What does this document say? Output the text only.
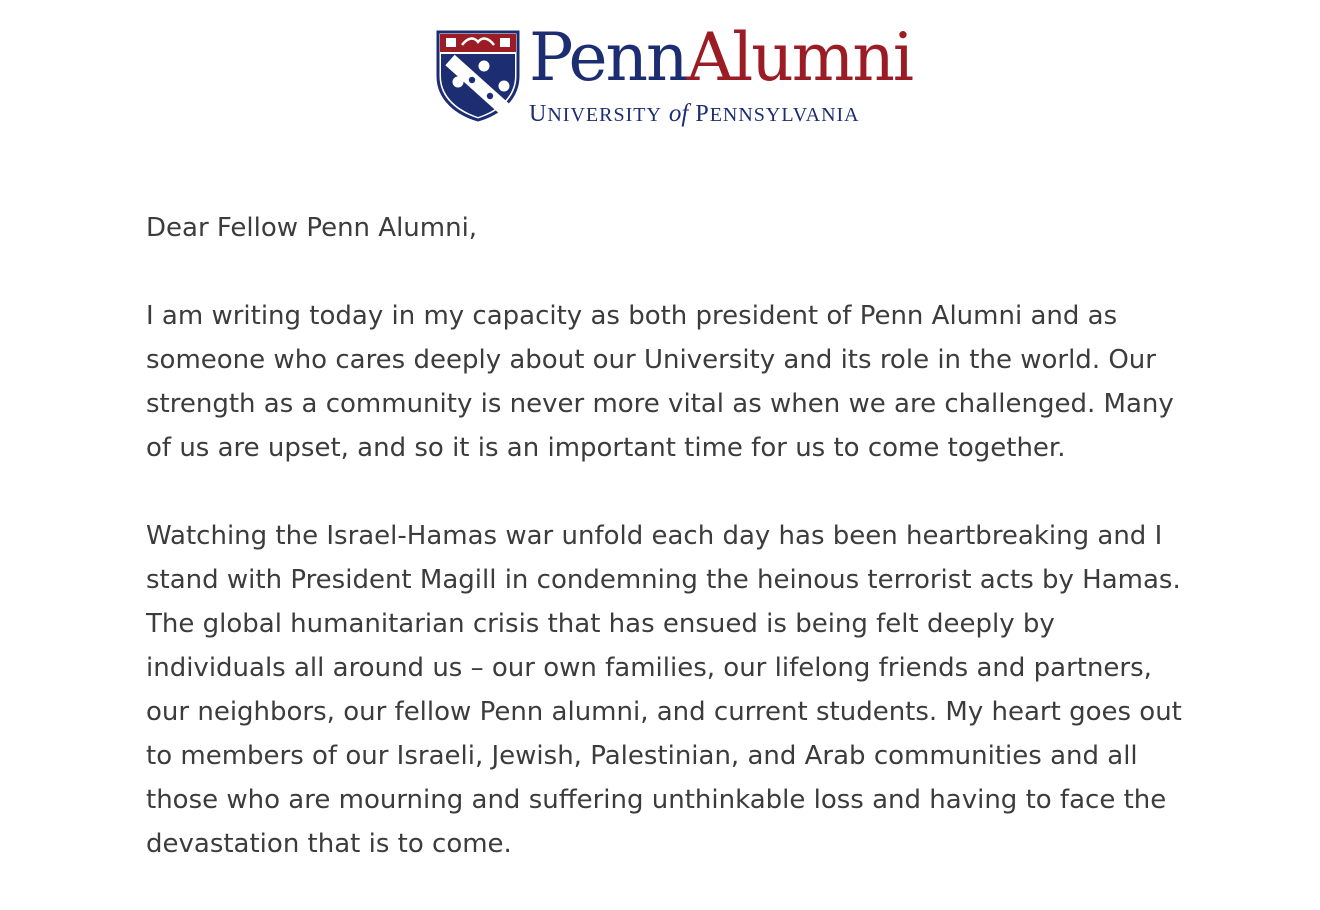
PennAlumni
UNIVERSITY of PENNSYLVANIA

Dear Fellow Penn Alumni,

I am writing today in my capacity as both president of Penn Alumni and as
someone who cares deeply about our University and its role in the world. Our
strength as a community is never more vital as when we are challenged. Many
of us are upset, and so it is an important time for us to come together.

Watching the Israel-Hamas war unfold each day has been heartbreaking and I
stand with President Magill in condemning the heinous terrorist acts by Hamas.
The global humanitarian crisis that has ensued is being felt deeply by
individuals all around us – our own families, our lifelong friends and partners,
our neighbors, our fellow Penn alumni, and current students. My heart goes out
to members of our Israeli, Jewish, Palestinian, and Arab communities and all
those who are mourning and suffering unthinkable loss and having to face the
devastation that is to come.
